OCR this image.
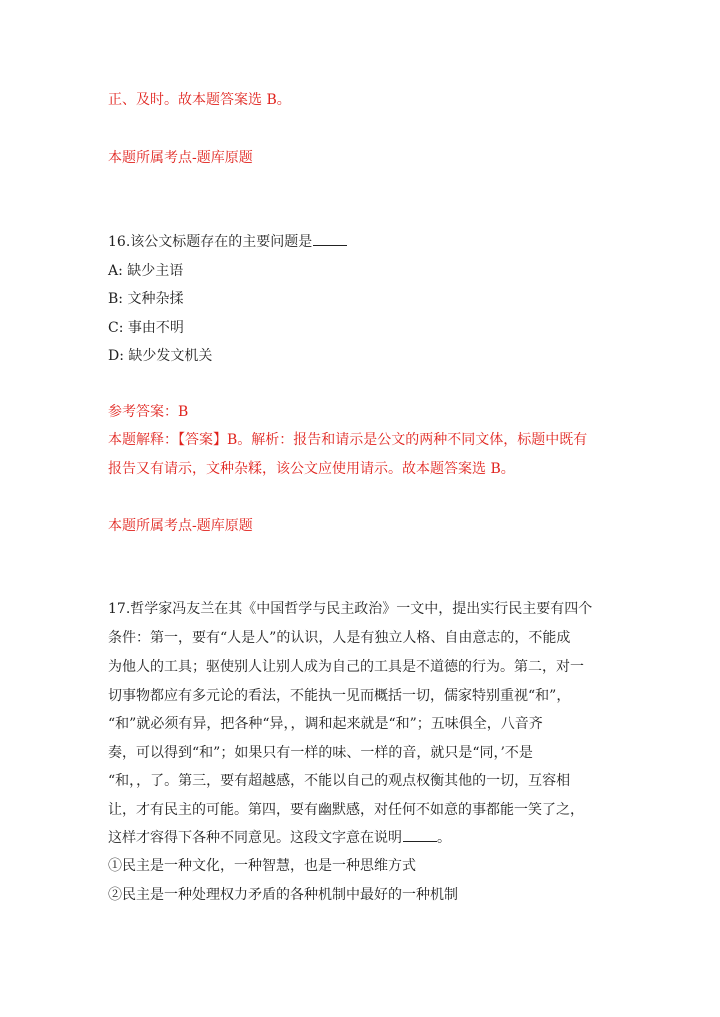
正、及时。故本题答案选 B。
本题所属考点-题库原题
16.该公文标题存在的主要问题是
A: 缺少主语
B: 文种杂揉
C: 事由不明
D: 缺少发文机关
参考答案：B
本题解释：【答案】B。解析：报告和请示是公文的两种不同文体，标题中既有
报告又有请示，文种杂糅，该公文应使用请示。故本题答案选 B。
本题所属考点-题库原题
17.哲学家冯友兰在其《中国哲学与民主政治》一文中，提出实行民主要有四个
条件：第一，要有“人是人”的认识，人是有独立人格、自由意志的，不能成
为他人的工具；驱使别人让别人成为自己的工具是不道德的行为。第二，对一
切事物都应有多元论的看法，不能执一见而概括一切，儒家特别重视“和”，
“和”就必须有异，把各种“异，，调和起来就是“和”；五味俱全，八音齐
奏，可以得到“和”；如果只有一样的味、一样的音，就只是“同，’不是
“和，，了。第三，要有超越感，不能以自己的观点权衡其他的一切，互容相
让，才有民主的可能。第四，要有幽默感，对任何不如意的事都能一笑了之，
这样才容得下各种不同意见。这段文字意在说明	。
①民主是一种文化，一种智慧，也是一种思维方式
②民主是一种处理权力矛盾的各种机制中最好的一种机制
